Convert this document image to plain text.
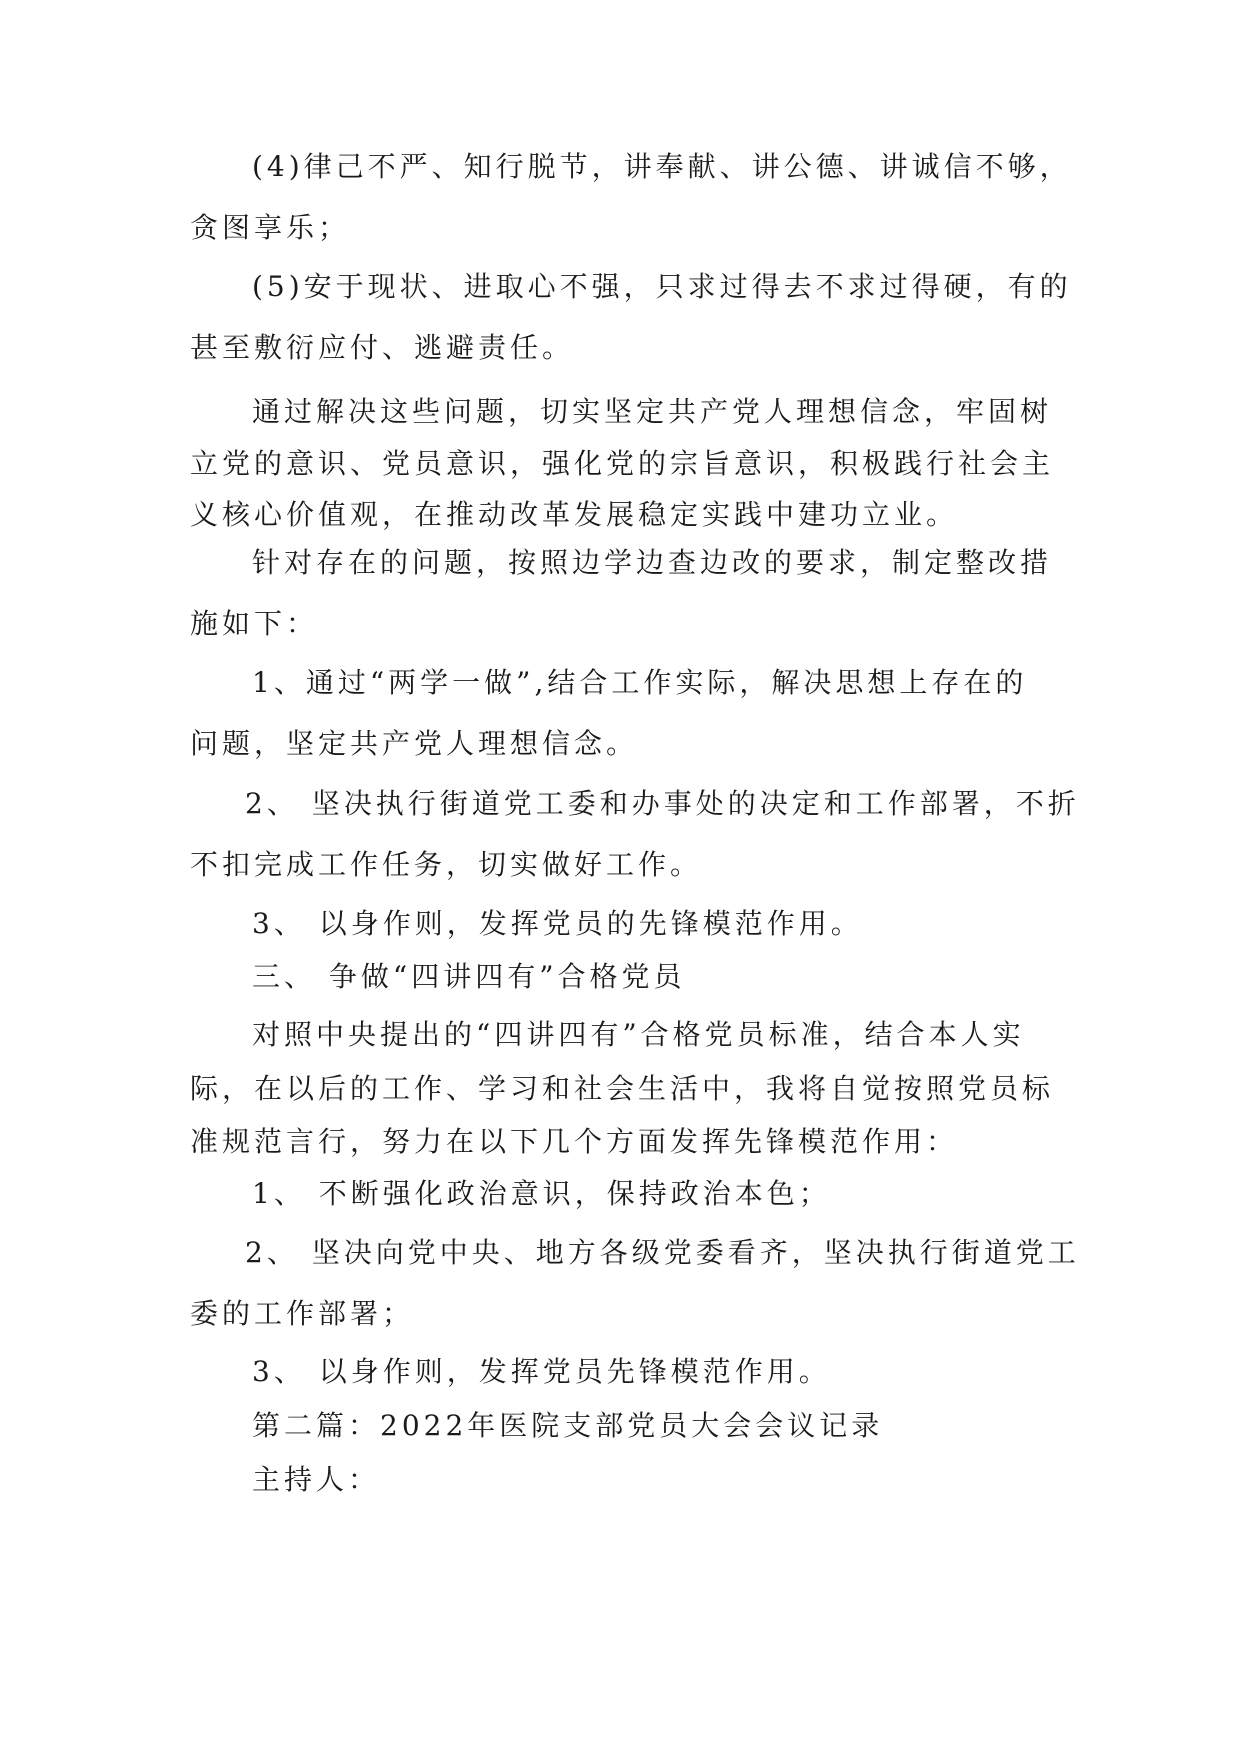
(4)律己不严、知行脱节，讲奉献、讲公德、讲诚信不够，
贪图享乐；
(5)安于现状、进取心不强，只求过得去不求过得硬，有的
甚至敷衍应付、逃避责任。
通过解决这些问题，切实坚定共产党人理想信念，牢固树
立党的意识、党员意识，强化党的宗旨意识，积极践行社会主
义核心价值观，在推动改革发展稳定实践中建功立业。
针对存在的问题，按照边学边查边改的要求，制定整改措
施如下：
1、通过“两学一做”,结合工作实际，解决思想上存在的
问题，坚定共产党人理想信念。
2、 坚决执行街道党工委和办事处的决定和工作部署，不折
不扣完成工作任务，切实做好工作。
3、 以身作则，发挥党员的先锋模范作用。
三、 争做“四讲四有”合格党员
对照中央提出的“四讲四有”合格党员标准，结合本人实
际，在以后的工作、学习和社会生活中，我将自觉按照党员标
准规范言行，努力在以下几个方面发挥先锋模范作用：
1、 不断强化政治意识，保持政治本色；
2、 坚决向党中央、地方各级党委看齐，坚决执行街道党工
委的工作部署；
3、 以身作则，发挥党员先锋模范作用。
第二篇：2022年医院支部党员大会会议记录
主持人：
